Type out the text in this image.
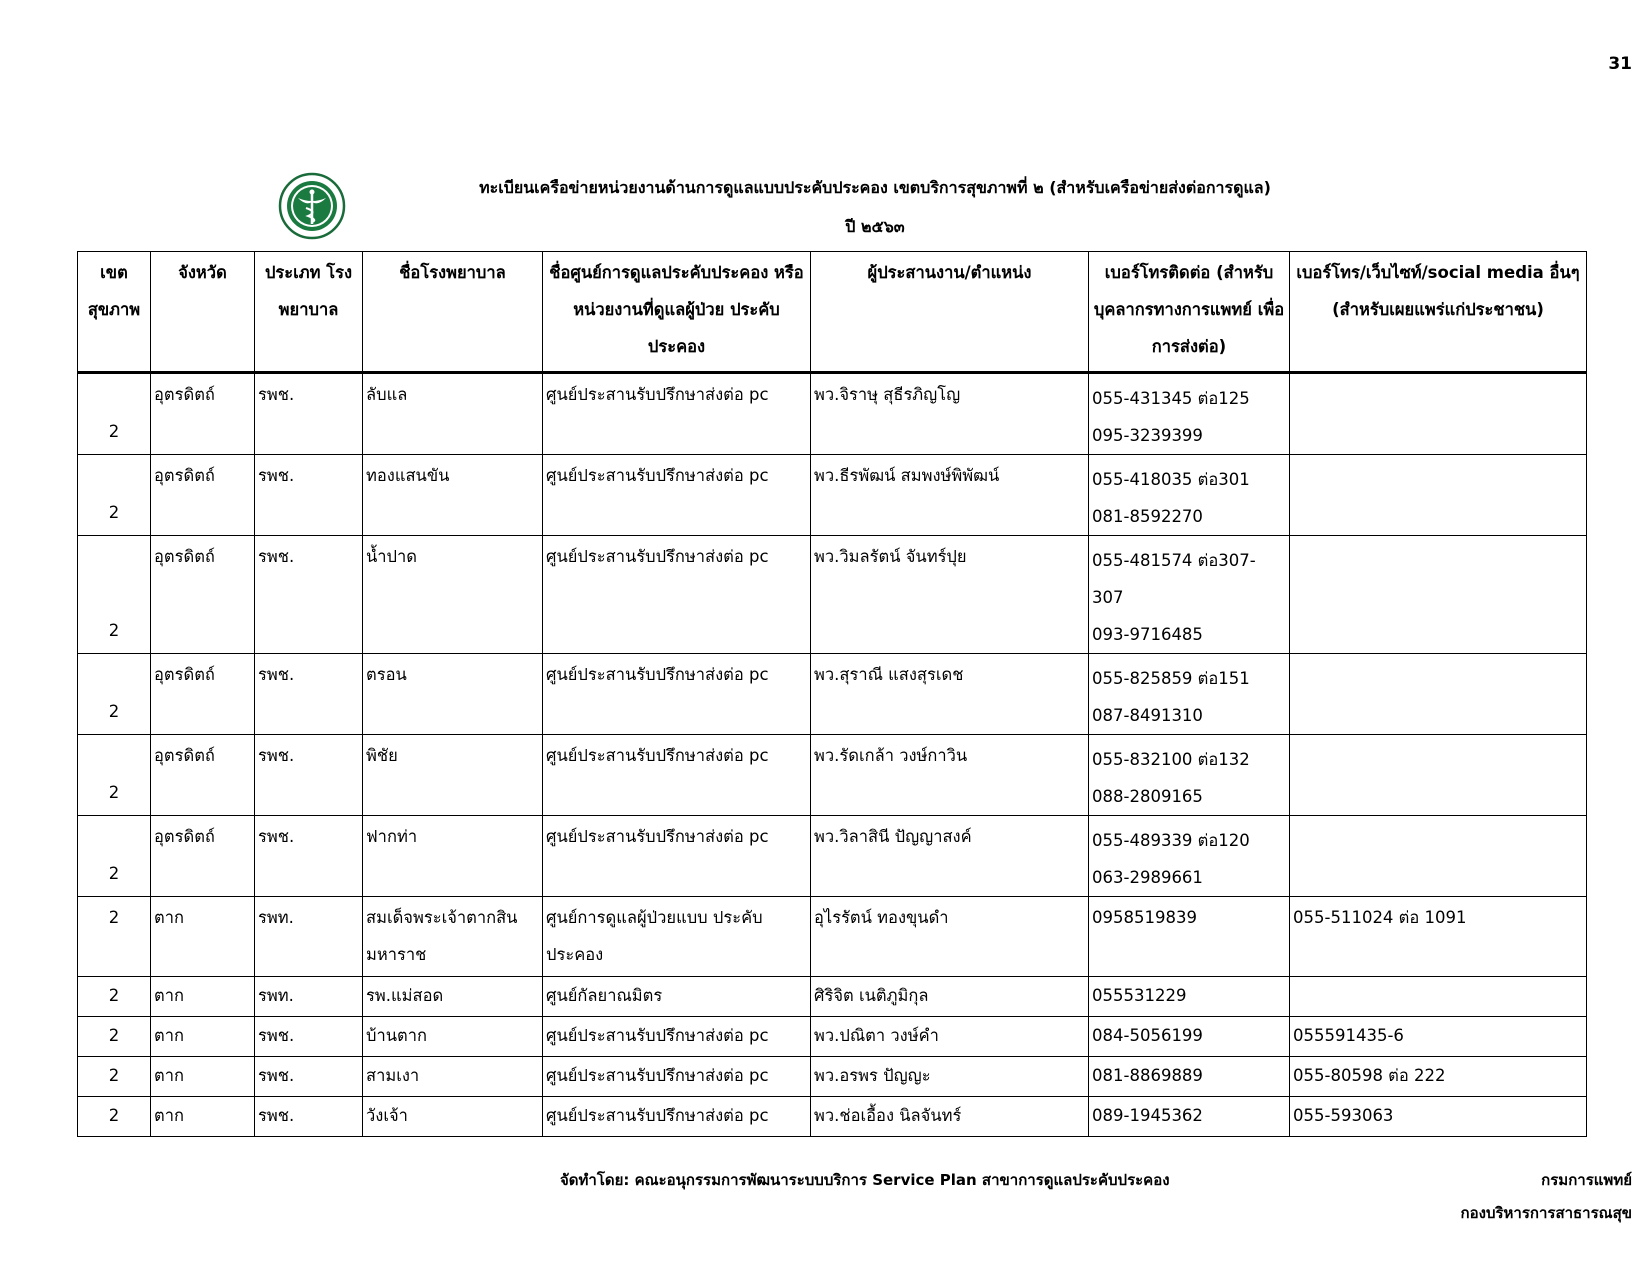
31
ทะเบียนเครือข่ายหน่วยงานด้านการดูแลแบบประคับประคอง เขตบริการสุขภาพที่ ๒ (สำหรับเครือข่ายส่งต่อการดูแล)
ปี ๒๕๖๓
เขต สุขภาพ	จังหวัด	ประเภท โรงพยาบาล	ชื่อโรงพยาบาล	ชื่อศูนย์การดูแลประคับประคอง หรือ หน่วยงานที่ดูแลผู้ป่วย ประคับประคอง	ผู้ประสานงาน/ตำแหน่ง	เบอร์โทรติดต่อ (สำหรับ บุคลากรทางการแพทย์ เพื่อการส่งต่อ)	เบอร์โทร/เว็บไซท์/social media อื่นๆ (สำหรับเผยแพร่แก่ประชาชน)
2	อุตรดิตถ์	รพช.	ลับแล	ศูนย์ประสานรับปรึกษาส่งต่อ pc	พว.จิราษุ สุธีรภิญโญ	055-431345 ต่อ125
095-3239399	

2	อุตรดิตถ์	รพช.	ทองแสนขัน	ศูนย์ประสานรับปรึกษาส่งต่อ pc	พว.ธีรพัฒน์ สมพงษ์พิพัฒน์	055-418035 ต่อ301
081-8592270	

2	อุตรดิตถ์	รพช.	น้ำปาด	ศูนย์ประสานรับปรึกษาส่งต่อ pc	พว.วิมลรัตน์ จันทร์ปุย	055-481574 ต่อ307-307
093-9716485	

2	อุตรดิตถ์	รพช.	ตรอน	ศูนย์ประสานรับปรึกษาส่งต่อ pc	พว.สุราณี แสงสุรเดช	055-825859 ต่อ151
087-8491310	

2	อุตรดิตถ์	รพช.	พิชัย	ศูนย์ประสานรับปรึกษาส่งต่อ pc	พว.รัดเกล้า วงษ์กาวิน	055-832100 ต่อ132
088-2809165	

2	อุตรดิตถ์	รพช.	ฟากท่า	ศูนย์ประสานรับปรึกษาส่งต่อ pc	พว.วิลาสินี ปัญญาสงค์	055-489339 ต่อ120
063-2989661	

2	ตาก	รพท.	สมเด็จพระเจ้าตากสิน มหาราช	ศูนย์การดูแลผู้ป่วยแบบ ประคับประคอง	อุไรรัตน์ ทองขุนดำ	0958519839	055-511024 ต่อ 1091
2	ตาก	รพท.	รพ.แม่สอด	ศูนย์กัลยาณมิตร	ศิริจิต เนติภูมิกุล	055531229	
2	ตาก	รพช.	บ้านตาก	ศูนย์ประสานรับปรึกษาส่งต่อ pc	พว.ปณิตา วงษ์คำ	084-5056199	055591435-6
2	ตาก	รพช.	สามเงา	ศูนย์ประสานรับปรึกษาส่งต่อ pc	พว.อรพร ปัญญะ	081-8869889	055-80598 ต่อ 222
2	ตาก	รพช.	วังเจ้า	ศูนย์ประสานรับปรึกษาส่งต่อ pc	พว.ช่อเอื้อง นิลจันทร์	089-1945362	055-593063
จัดทำโดย: คณะอนุกรรมการพัฒนาระบบบริการ Service Plan สาขาการดูแลประคับประคอง	กรมการแพทย์
กองบริหารการสาธารณสุข
